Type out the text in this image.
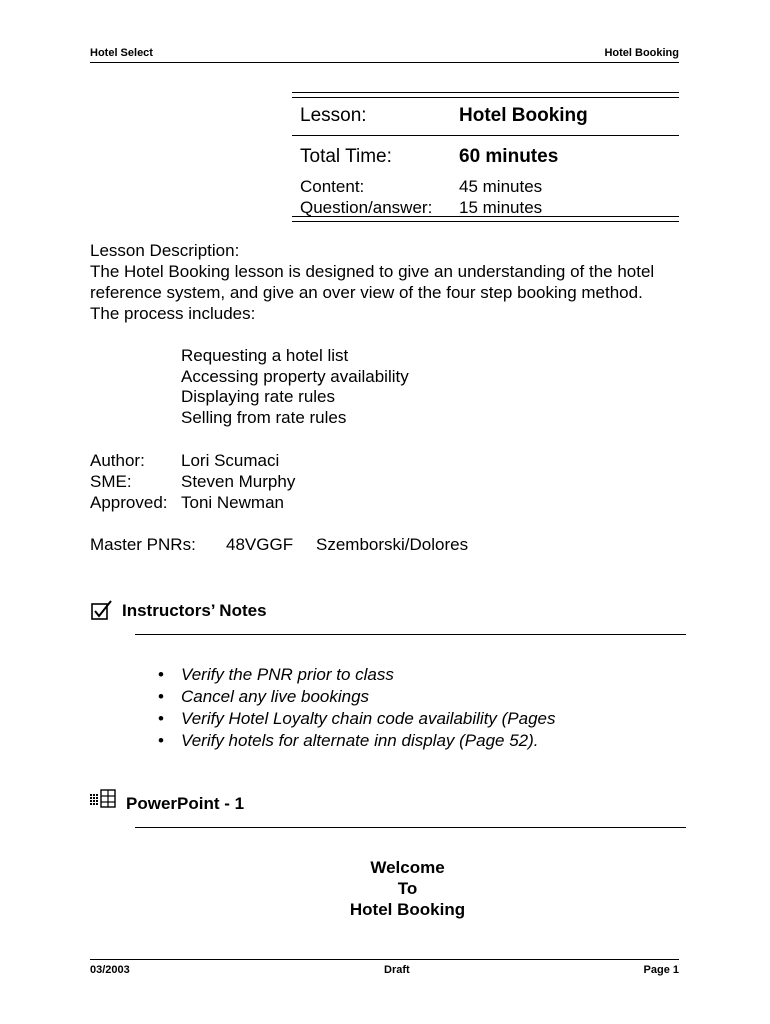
Hotel Select	Hotel Booking
Lesson:	Hotel Booking
Total Time:	60 minutes
Content:	45 minutes
Question/answer: 15 minutes
Lesson Description:
The Hotel Booking lesson is designed to give an understanding of the hotel
reference system, and give an over view of the four step booking method.
The process includes:
Requesting a hotel list
Accessing property availability
Displaying rate rules
Selling from rate rules
Author:	Lori Scumaci
SME:	Steven Murphy
Approved: Toni Newman
Master PNRs: 48VGGF Szemborski/Dolores
Instructors’ Notes
•	Verify the PNR prior to class
•	Cancel any live bookings
•	Verify Hotel Loyalty chain code availability (Pages
•	Verify hotels for alternate inn display (Page 52).
PowerPoint - 1
Welcome
To
Hotel Booking
03/2003	Draft	Page 1
